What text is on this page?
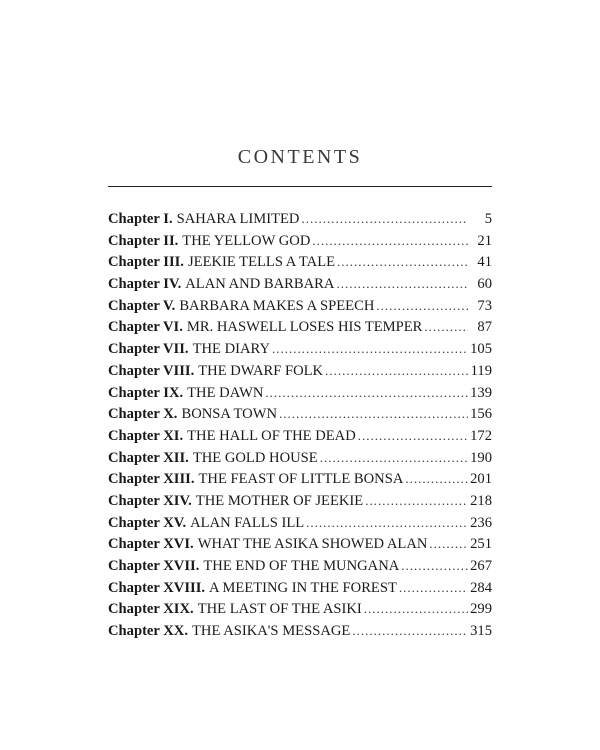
CONTENTS
Chapter I. SAHARA LIMITED .....	5
Chapter II. THE YELLOW GOD .....	21
Chapter III. JEEKIE TELLS A TALE .....	41
Chapter IV. ALAN AND BARBARA .....	60
Chapter V. BARBARA MAKES A SPEECH .....	73
Chapter VI. MR. HASWELL LOSES HIS TEMPER .....	87
Chapter VII. THE DIARY .....	105
Chapter VIII. THE DWARF FOLK .....	119
Chapter IX. THE DAWN .....	139
Chapter X. BONSA TOWN .....	156
Chapter XI. THE HALL OF THE DEAD .....	172
Chapter XII. THE GOLD HOUSE .....	190
Chapter XIII. THE FEAST OF LITTLE BONSA .....	201
Chapter XIV. THE MOTHER OF JEEKIE .....	218
Chapter XV. ALAN FALLS ILL .....	236
Chapter XVI. WHAT THE ASIKA SHOWED ALAN .....	251
Chapter XVII. THE END OF THE MUNGANA .....	267
Chapter XVIII. A MEETING IN THE FOREST .....	284
Chapter XIX. THE LAST OF THE ASIKI .....	299
Chapter XX. THE ASIKA'S MESSAGE .....	315
